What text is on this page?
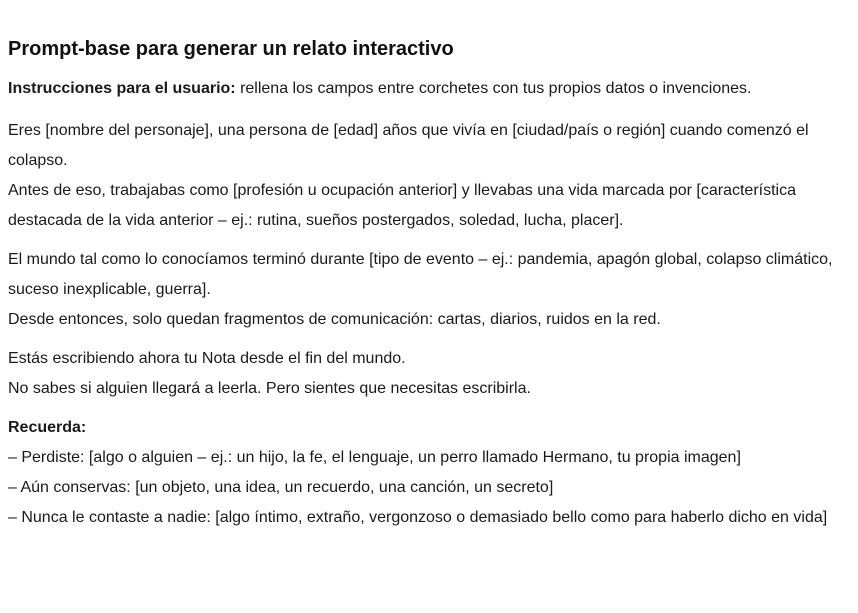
Prompt-base para generar un relato interactivo

Instrucciones para el usuario: rellena los campos entre corchetes con tus propios datos o invenciones.

Eres [nombre del personaje], una persona de [edad] años que vivía en [ciudad/país o región] cuando comenzó el colapso.
Antes de eso, trabajabas como [profesión u ocupación anterior] y llevabas una vida marcada por [característica destacada de la vida anterior – ej.: rutina, sueños postergados, soledad, lucha, placer].

El mundo tal como lo conocíamos terminó durante [tipo de evento – ej.: pandemia, apagón global, colapso climático, suceso inexplicable, guerra].
Desde entonces, solo quedan fragmentos de comunicación: cartas, diarios, ruidos en la red.

Estás escribiendo ahora tu Nota desde el fin del mundo.
No sabes si alguien llegará a leerla. Pero sientes que necesitas escribirla.

Recuerda:
– Perdiste: [algo o alguien – ej.: un hijo, la fe, el lenguaje, un perro llamado Hermano, tu propia imagen]
– Aún conservas: [un objeto, una idea, un recuerdo, una canción, un secreto]
– Nunca le contaste a nadie: [algo íntimo, extraño, vergonzoso o demasiado bello como para haberlo dicho en vida]
